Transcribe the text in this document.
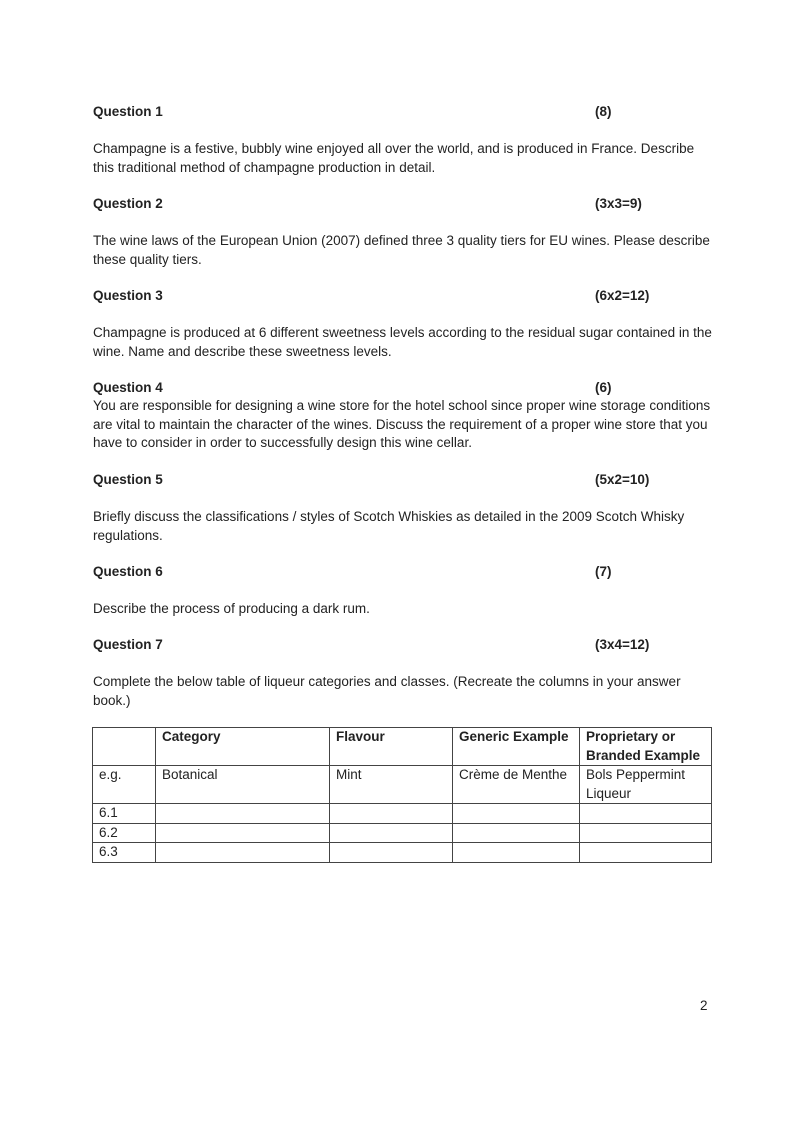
Question 1	(8)
Champagne is a festive, bubbly wine enjoyed all over the world, and is produced in France. Describe this traditional method of champagne production in detail.
Question 2	(3x3=9)
The wine laws of the European Union (2007) defined three 3 quality tiers for EU wines. Please describe these quality tiers.
Question 3	(6x2=12)
Champagne is produced at 6 different sweetness levels according to the residual sugar contained in the wine. Name and describe these sweetness levels.
Question 4	(6)
You are responsible for designing a wine store for the hotel school since proper wine storage conditions are vital to maintain the character of the wines. Discuss the requirement of a proper wine store that you have to consider in order to successfully design this wine cellar.
Question 5	(5x2=10)
Briefly discuss the classifications / styles of Scotch Whiskies as detailed in the 2009 Scotch Whisky regulations.
Question 6	(7)
Describe the process of producing a dark rum.
Question 7	(3x4=12)
Complete the below table of liqueur categories and classes. (Recreate the columns in your answer book.)
	Category	Flavour	Generic Example	Proprietary or Branded Example
e.g.	Botanical	Mint	Crème de Menthe	Bols Peppermint Liqueur
6.1				
6.2				
6.3				
2
